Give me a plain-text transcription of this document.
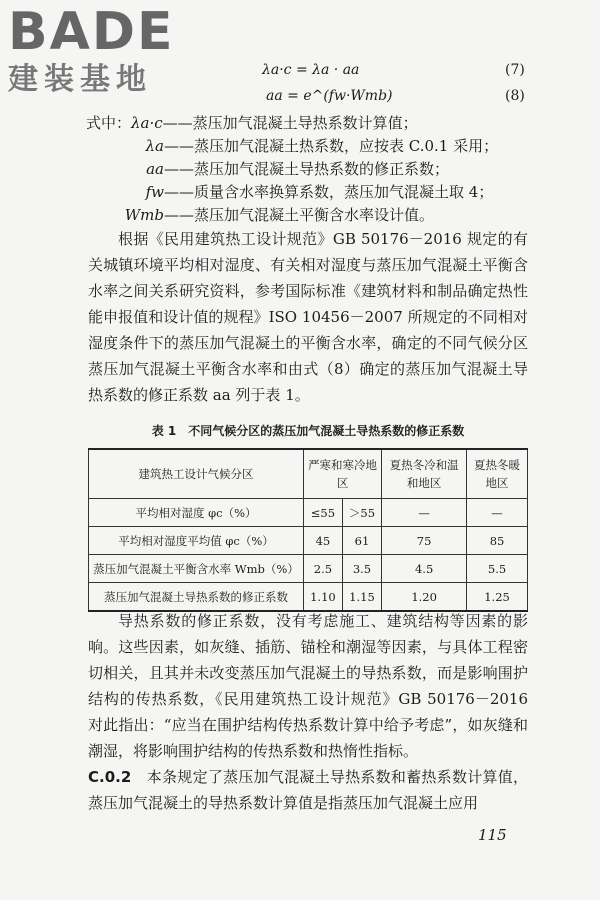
BADE
建装基地	λa·c = λa · aa	(7)
aa = e^(fw·Wmb)	(8)
式中：λa·c——蒸压加气混凝土导热系数计算值；
λa——蒸压加气混凝土热系数，应按表 C.0.1 采用；
aa——蒸压加气混凝土导热系数的修正系数；
fw——质量含水率换算系数，蒸压加气混凝土取 4；
Wmb——蒸压加气混凝土平衡含水率设计值。

根据《民用建筑热工设计规范》GB 50176－2016 规定的有关城镇环境平均相对湿度、有关相对湿度与蒸压加气混凝土平衡含水率之间关系研究资料，参考国际标准《建筑材料和制品确定热性能申报值和设计值的规程》ISO 10456－2007 所规定的不同相对湿度条件下的蒸压加气混凝土的平衡含水率，确定的不同气候分区蒸压加气混凝土平衡含水率和由式（8）确定的蒸压加气混凝土导热系数的修正系数 aa 列于表 1。

表 1　不同气候分区的蒸压加气混凝土导热系数的修正系数
建筑热工设计气候分区	严寒和寒冷地区		夏热冬冷和温和地区	夏热冬暖地区
平均相对湿度 φc（%）	≤55	＞55	—	—
平均相对湿度平均值 φc（%）	45	61	75	85
蒸压加气混凝土平衡含水率 Wmb（%）	2.5	3.5	4.5	5.5
蒸压加气混凝土导热系数的修正系数	1.10	1.15	1.20	1.25

导热系数的修正系数，没有考虑施工、建筑结构等因素的影响。这些因素，如灰缝、插筋、锚栓和潮湿等因素，与具体工程密切相关，且其并未改变蒸压加气混凝土的导热系数，而是影响围护结构的传热系数，《民用建筑热工设计规范》GB 50176－2016 对此指出：“应当在围护结构传热系数计算中给予考虑”，如灰缝和潮湿，将影响围护结构的传热系数和热惰性指标。

C.0.2　 本条规定了蒸压加气混凝土导热系数和蓄热系数计算值，蒸压加气混凝土的导热系数计算值是指蒸压加气混凝土应用
115
